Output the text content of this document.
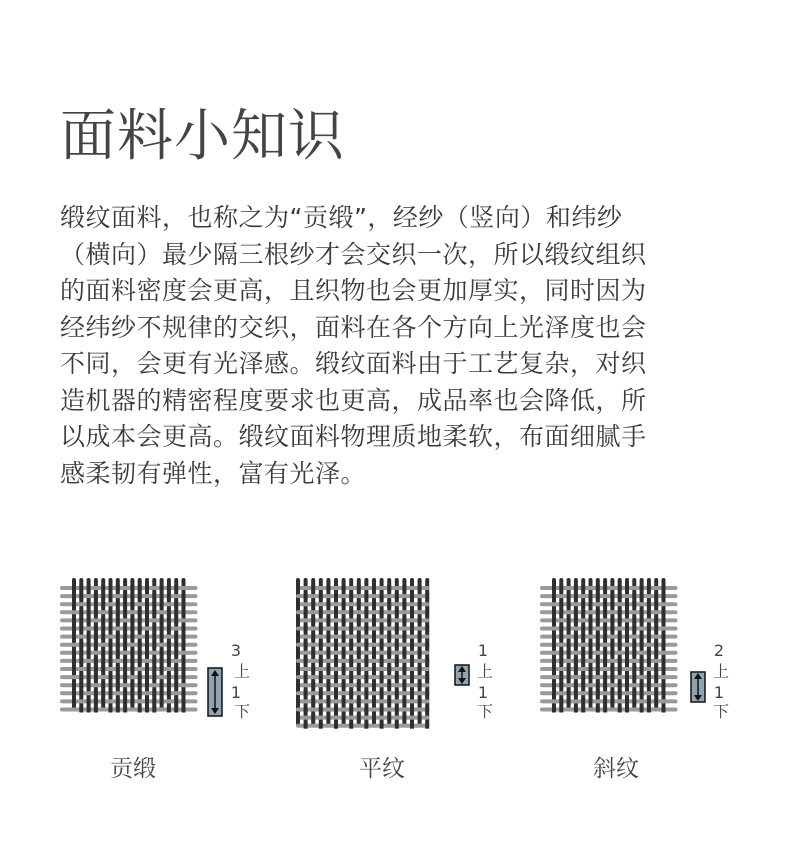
面料小知识
缎纹面料，也称之为“贡缎”，经纱（竖向）和纬纱
（横向）最少隔三根纱才会交织一次，所以缎纹组织
的面料密度会更高，且织物也会更加厚实，同时因为
经纬纱不规律的交织，面料在各个方向上光泽度也会
不同，会更有光泽感。缎纹面料由于工艺复杂，对织
造机器的精密程度要求也更高，成品率也会降低，所
以成本会更高。缎纹面料物理质地柔软，布面细腻手
感柔韧有弹性，富有光泽。
3
上
1
下
贡缎
1
上
1
下
平纹
2
上
1
下
斜纹
